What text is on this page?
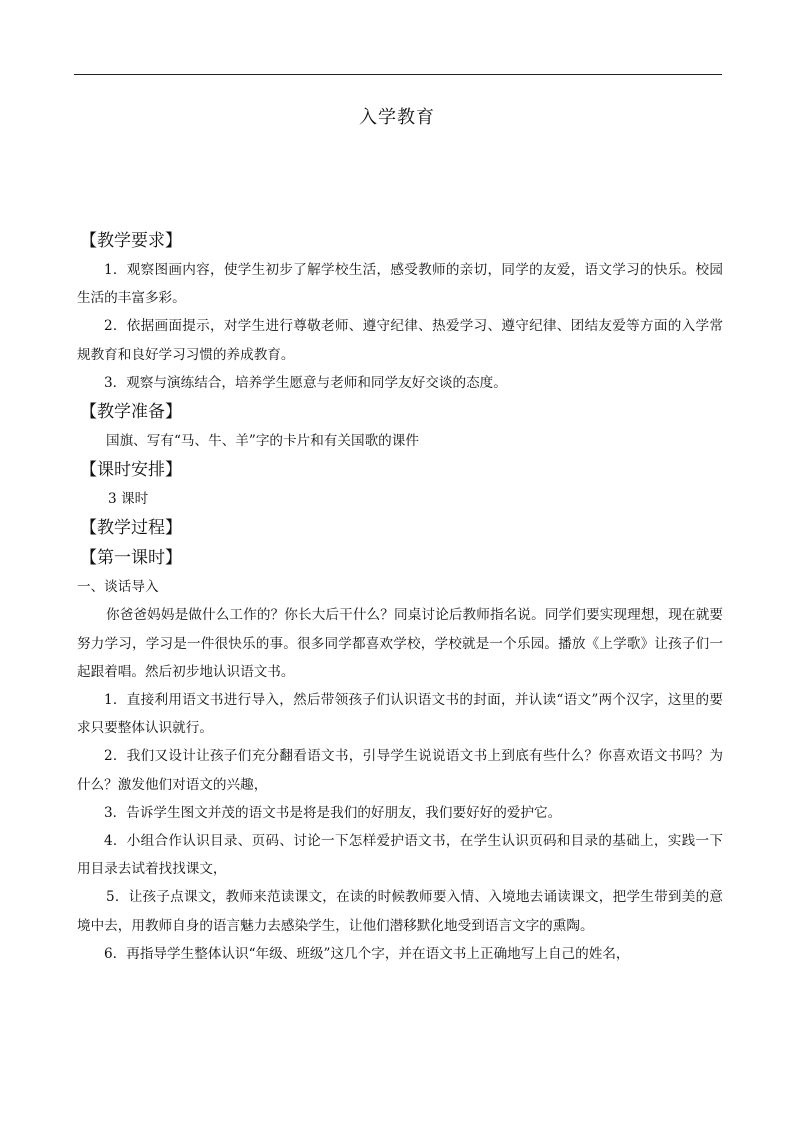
入学教育
【教学要求】

1．观察图画内容，使学生初步了解学校生活，感受教师的亲切，同学的友爱，语文学习的快乐。校园生活的丰富多彩。

2．依据画面提示，对学生进行尊敬老师、遵守纪律、热爱学习、遵守纪律、团结友爱等方面的入学常规教育和良好学习习惯的养成教育。

3．观察与演练结合，培养学生愿意与老师和同学友好交谈的态度。

【教学准备】

国旗、写有“马、牛、羊”字的卡片和有关国歌的课件

【课时安排】

3 课时

【教学过程】
【第一课时】
一、谈话导入

你爸爸妈妈是做什么工作的？你长大后干什么？同桌讨论后教师指名说。同学们要实现理想，现在就要努力学习，学习是一件很快乐的事。很多同学都喜欢学校，学校就是一个乐园。播放《上学歌》让孩子们一起跟着唱。然后初步地认识语文书。

1．直接利用语文书进行导入，然后带领孩子们认识语文书的封面，并认读“语文”两个汉字，这里的要求只要整体认识就行。

2．我们又设计让孩子们充分翻看语文书，引导学生说说语文书上到底有些什么？你喜欢语文书吗？为什么？激发他们对语文的兴趣，

3．告诉学生图文并茂的语文书是将是我们的好朋友，我们要好好的爱护它。

4．小组合作认识目录、页码、讨论一下怎样爱护语文书，在学生认识页码和目录的基础上，实践一下用目录去试着找找课文，

5．让孩子点课文，教师来范读课文，在读的时候教师要入情、入境地去诵读课文，把学生带到美的意境中去，用教师自身的语言魅力去感染学生，让他们潜移默化地受到语言文字的熏陶。

6．再指导学生整体认识“年级、班级”这几个字，并在语文书上正确地写上自己的姓名，
